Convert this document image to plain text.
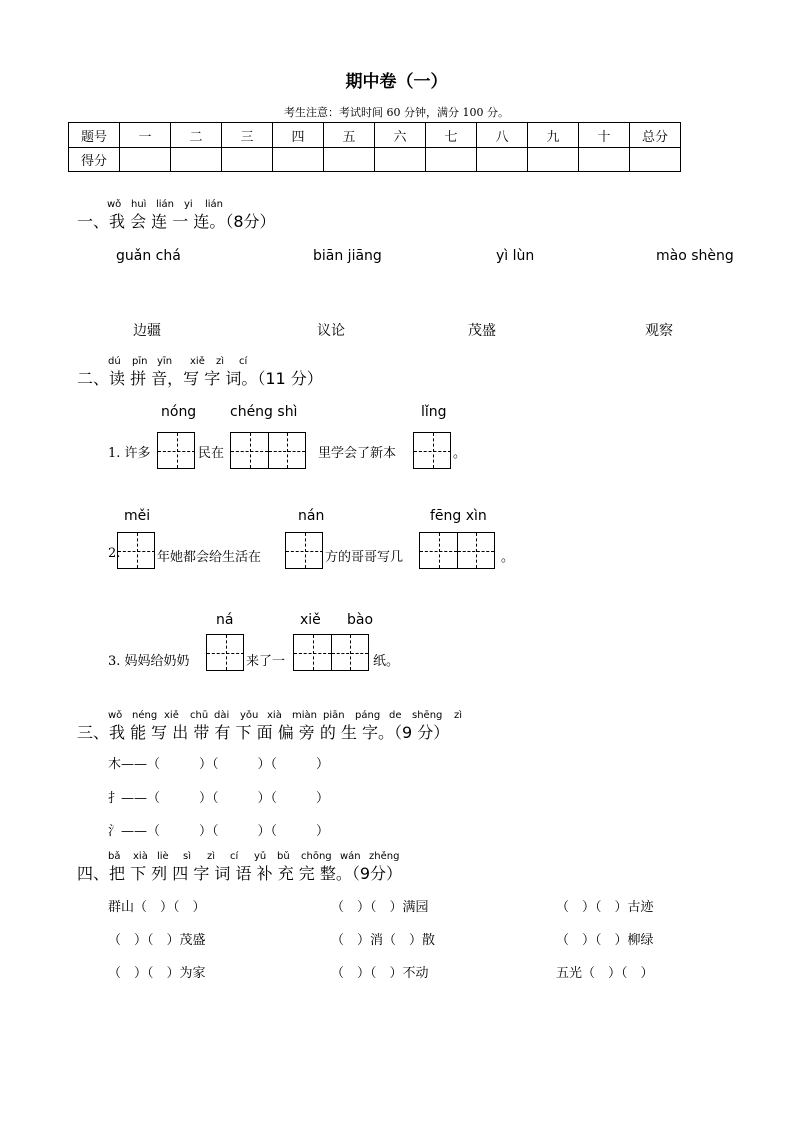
期中卷（一）
考生注意：考试时间 60 分钟，满分 100 分。
题号	一	二	三	四	五	六	七	八	九	十	总分
得分											
wǒ huì lián yi lián
一、我 会 连 一 连。（8分）
guǎn chá	biān jiāng	yì lùn	mào shèng
边疆	议论	茂盛	观察
dú pīn yīn xiě zì cí
二、读 拼 音，写 字 词。（11 分）
nóng chéng shì	lǐng
1. 许多	民在	里学会了新本	。
měi	nán	fēng xìn
2.	年她都会给生活在	方的哥哥写几	。
ná	xiě bào
3. 妈妈给奶奶	来了一	纸。
wǒ néng xiě chū dài yǒu xià miàn piān páng de shēng zì
三、我 能 写 出 带 有 下 面 偏 旁 的 生 字。（9 分）
木——（　　　）（　　　）（　　　）
扌——（　　　）（　　　）（　　　）
氵——（　　　）（　　　）（　　　）
bǎ xià liè sì zì cí yǔ bǔ chōng wán zhěng
四、把 下 列 四 字 词 语 补 充 完 整。（9分）
群山（　）（　）	（　）（　）满园	（　）（　）古迹
（　）（　）茂盛	（　）消（　）散	（　）（　）柳绿
（　）（　）为家	（　）（　）不动	五光（　）（　）
